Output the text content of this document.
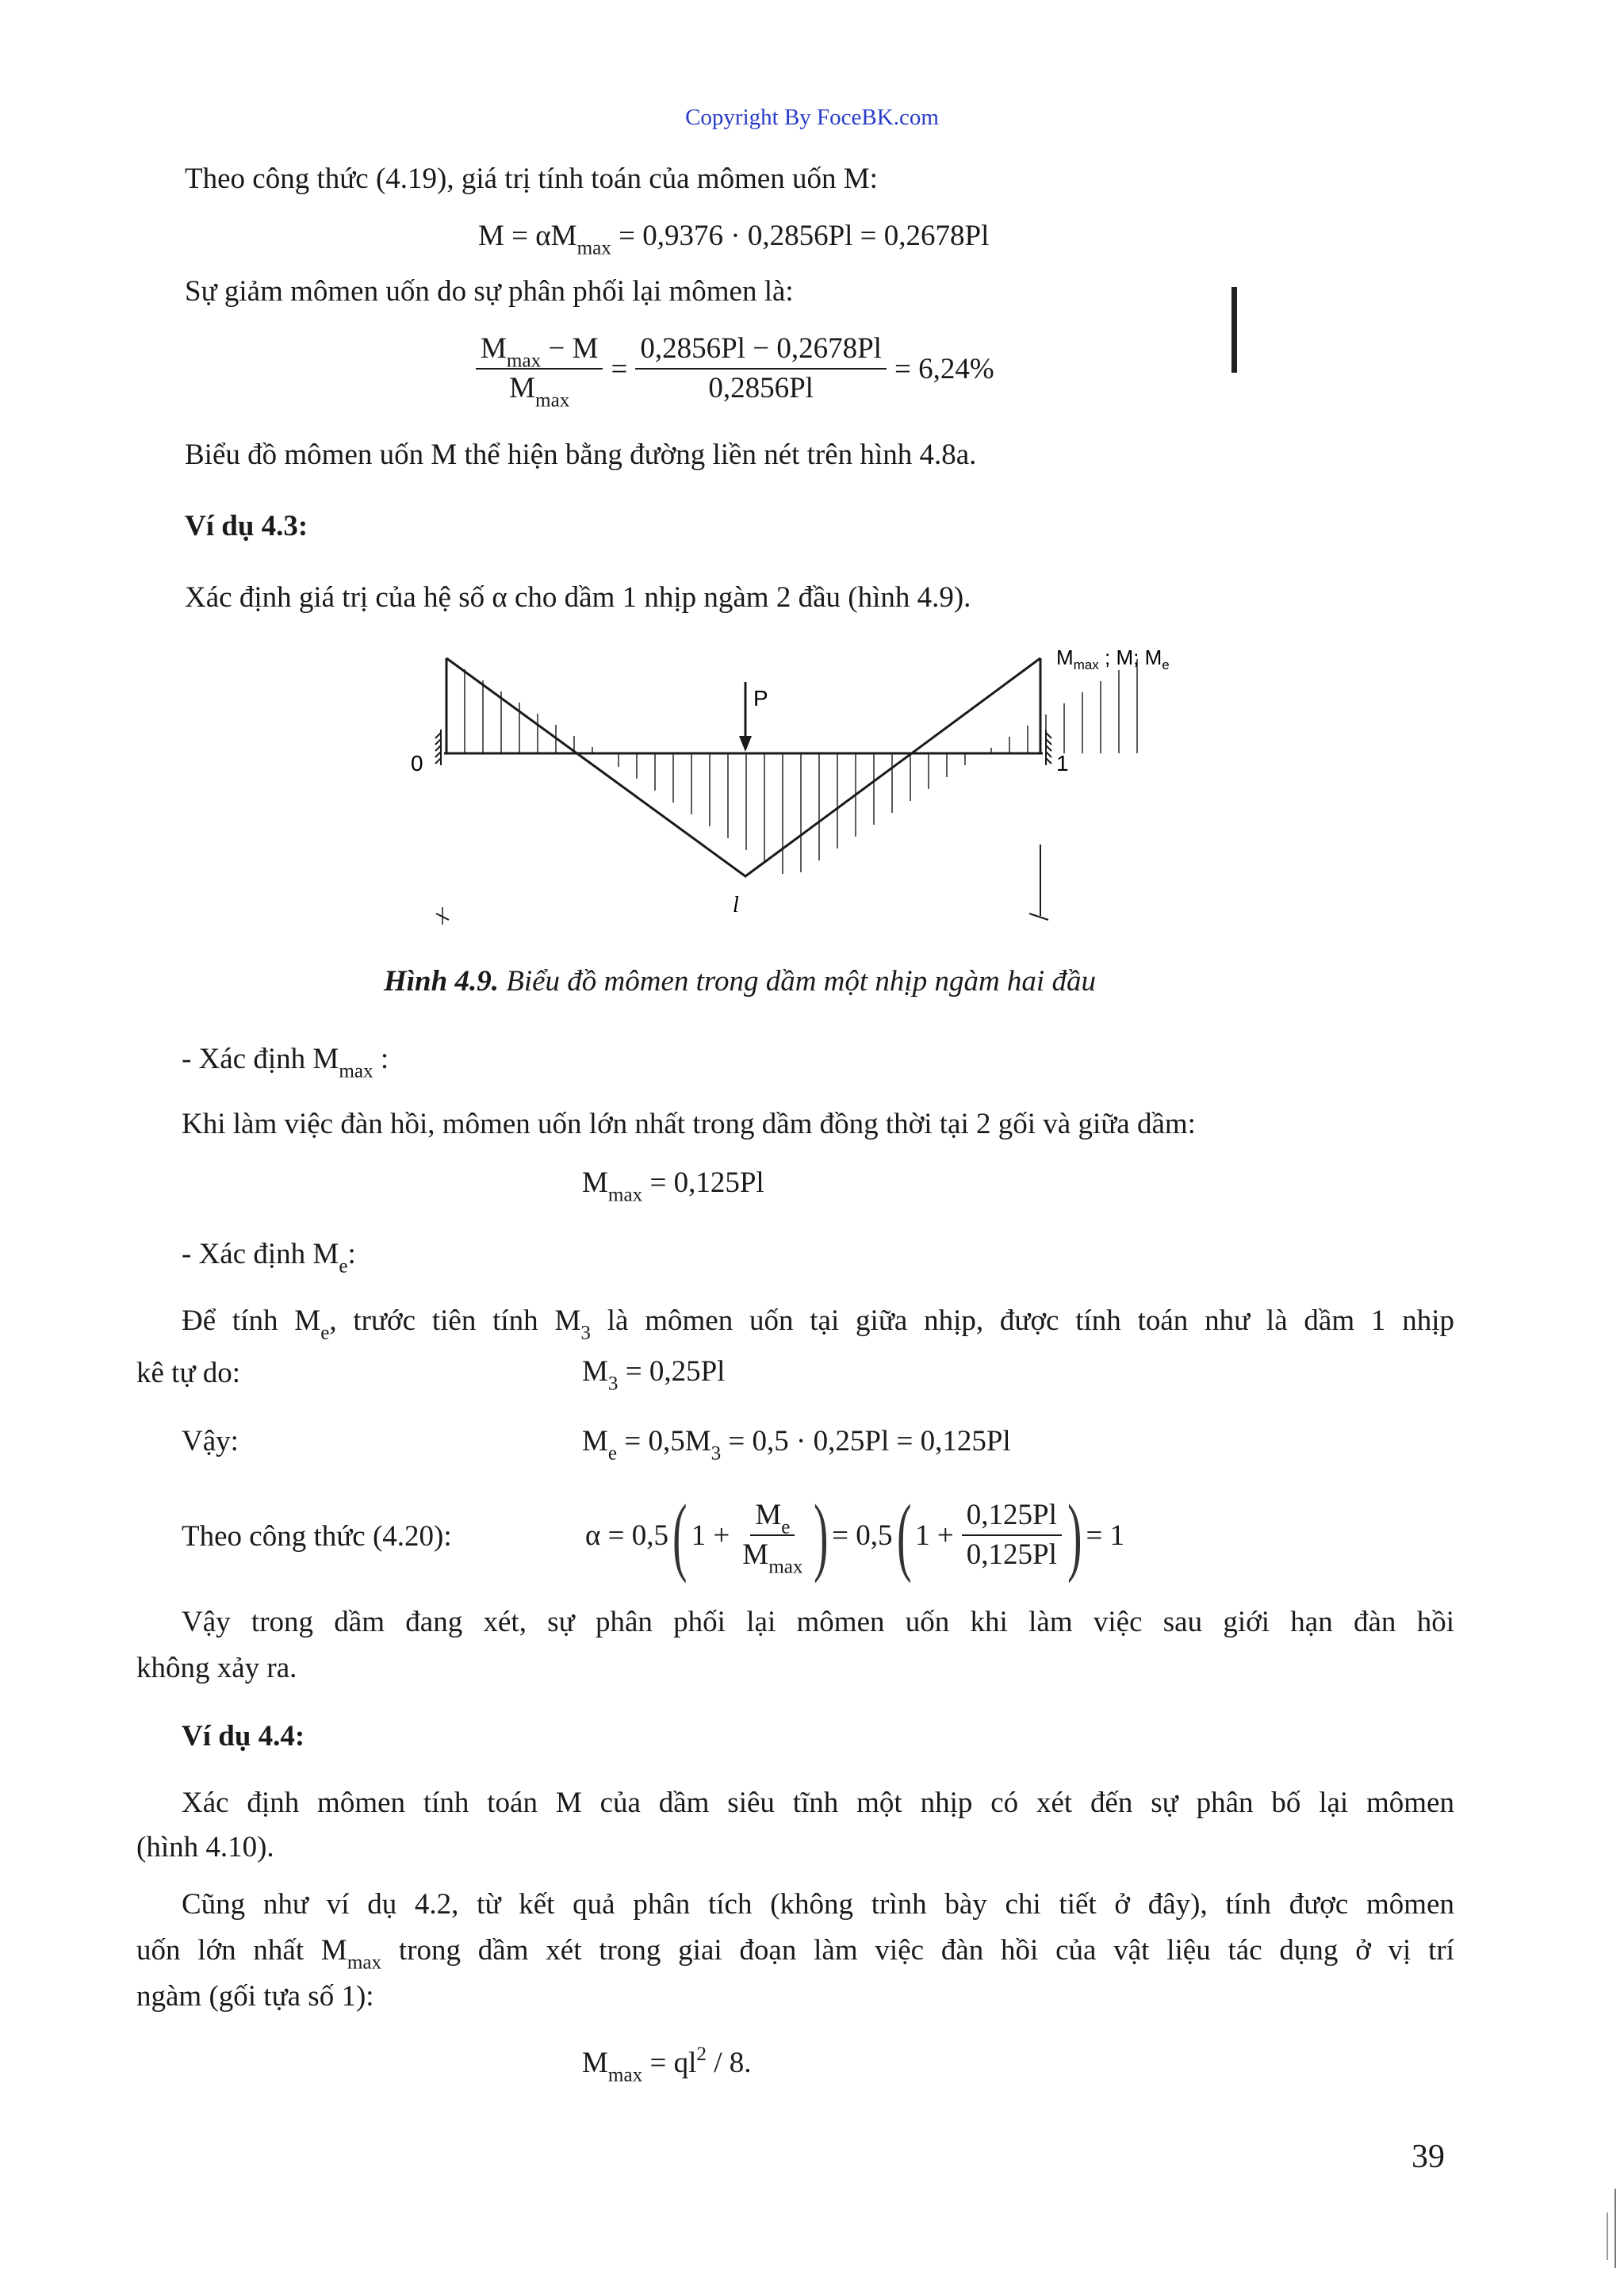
Copyright By FoceBK.com
Theo công thức (4.19), giá trị tính toán của mômen uốn M:
$M = \alpha M_{max} = 0,9376 \cdot 0,2856Pl = 0,2678Pl$
Sự giảm mômen uốn do sự phân phối lại mômen là:
$\frac{M_{max} - M}{M_{max}} = \frac{0,2856Pl - 0,2678Pl}{0,2856Pl} = 6,24\%$
Biểu đồ mômen uốn M thể hiện bằng đường liền nét trên hình 4.8a.
Ví dụ 4.3:
Xác định giá trị của hệ số α cho dầm 1 nhịp ngàm 2 đầu (hình 4.9).
P
0	1
l
$M_{max}$ ; M; $M_e$
Hình 4.9. Biểu đồ mômen trong dầm một nhịp ngàm hai đầu
- Xác định $M_{max}$ :
Khi làm việc đàn hồi, mômen uốn lớn nhất trong dầm đồng thời tại 2 gối và giữa dầm:
$M_{max} = 0,125Pl$
- Xác định $M_e$:
Để tính $M_e$, trước tiên tính $M_3$ là mômen uốn tại giữa nhịp, được tính toán như là dầm 1 nhịp
kê tự do:	$M_3 = 0,25Pl$
Vậy:	$M_e = 0,5M_3 = 0,5 \cdot 0,25Pl = 0,125Pl$
Theo công thức (4.20):	α = 0,5 ( $1 + \frac{M_e}{M_{max}}$ ) = 0,5 ( $1 + \frac{0,125Pl}{0,125Pl}$ ) = 1
Vậy trong dầm đang xét, sự phân phối lại mômen uốn khi làm việc sau giới hạn đàn hồi
không xảy ra.
Ví dụ 4.4:
Xác định mômen tính toán M của dầm siêu tĩnh một nhịp có xét đến sự phân bố lại mômen
(hình 4.10).
Cũng như ví dụ 4.2, từ kết quả phân tích (không trình bày chi tiết ở đây), tính được mômen
uốn lớn nhất $M_{max}$ trong dầm xét trong giai đoạn làm việc đàn hồi của vật liệu tác dụng ở vị trí
ngàm (gối tựa số 1):
$M_{max} = ql^2 / 8$.
39
